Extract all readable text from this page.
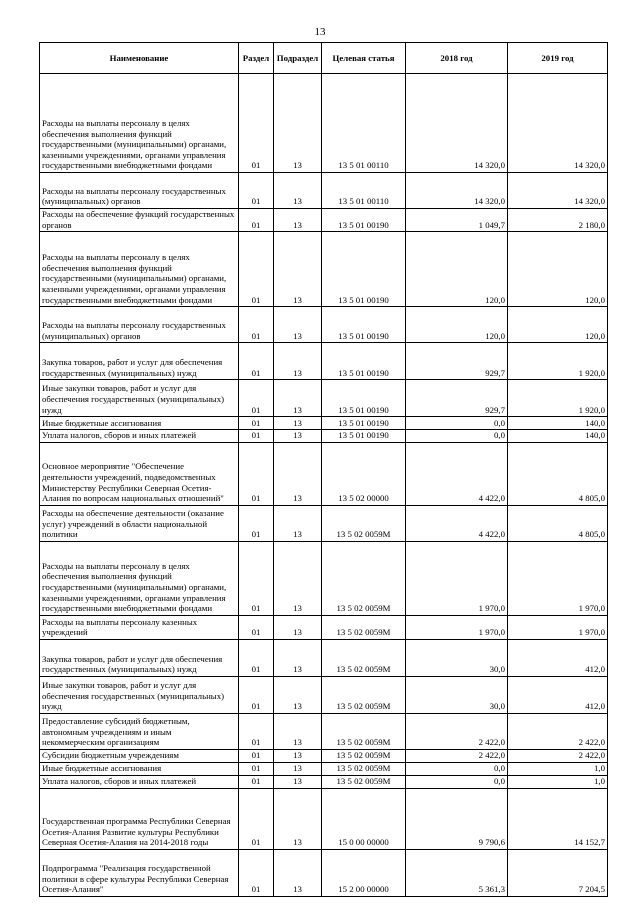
13
Наименование	Раздел	Подраздел	Целевая статья	2018 год	2019 год
Расходы на выплаты персоналу в целях обеспечения выполнения функций государственными (муниципальными) органами, казенными учреждениями, органами управления государственными внебюджетными фондами	01	13	13 5 01 00110	14 320,0	14 320,0
Расходы на выплаты персоналу государственных (муниципальных) органов	01	13	13 5 01 00110	14 320,0	14 320,0
Расходы на обеспечение функций государственных органов	01	13	13 5 01 00190	1 049,7	2 180,0
Расходы на выплаты персоналу в целях обеспечения выполнения функций государственными (муниципальными) органами, казенными учреждениями, органами управления государственными внебюджетными фондами	01	13	13 5 01 00190	120,0	120,0
Расходы на выплаты персоналу государственных (муниципальных) органов	01	13	13 5 01 00190	120,0	120,0
Закупка товаров, работ и услуг для обеспечения государственных (муниципальных) нужд	01	13	13 5 01 00190	929,7	1 920,0
Иные закупки товаров, работ и услуг для обеспечения государственных (муниципальных) нужд	01	13	13 5 01 00190	929,7	1 920,0
Иные бюджетные ассигнования	01	13	13 5 01 00190	0,0	140,0
Уплата налогов, сборов и иных платежей	01	13	13 5 01 00190	0,0	140,0
Основное мероприятие "Обеспечение деятельности учреждений, подведомственных Министерству Республики Северная Осетия-Алания по вопросам национальных отношений"	01	13	13 5 02 00000	4 422,0	4 805,0
Расходы на обеспечение деятельности (оказание услуг) учреждений в области национальной политики	01	13	13 5 02 0059М	4 422,0	4 805,0
Расходы на выплаты персоналу в целях обеспечения выполнения функций государственными (муниципальными) органами, казенными учреждениями, органами управления государственными внебюджетными фондами	01	13	13 5 02 0059М	1 970,0	1 970,0
Расходы на выплаты персоналу казенных учреждений	01	13	13 5 02 0059М	1 970,0	1 970,0
Закупка товаров, работ и услуг для обеспечения государственных (муниципальных) нужд	01	13	13 5 02 0059М	30,0	412,0
Иные закупки товаров, работ и услуг для обеспечения государственных (муниципальных) нужд	01	13	13 5 02 0059М	30,0	412,0
Предоставление субсидий бюджетным, автономным учреждениям и иным некоммерческим организациям	01	13	13 5 02 0059М	2 422,0	2 422,0
Субсидии бюджетным учреждениям	01	13	13 5 02 0059М	2 422,0	2 422,0
Иные бюджетные ассигнования	01	13	13 5 02 0059М	0,0	1,0
Уплата налогов, сборов и иных платежей	01	13	13 5 02 0059М	0,0	1,0
Государственная программа Республики Северная Осетия-Алания Развитие культуры Республики Северная Осетия-Алания на 2014-2018 годы	01	13	15 0 00 00000	9 790,6	14 152,7
Подпрограмма "Реализация государственной политики в сфере культуры Республики Северная Осетия-Алания"	01	13	15 2 00 00000	5 361,3	7 204,5
